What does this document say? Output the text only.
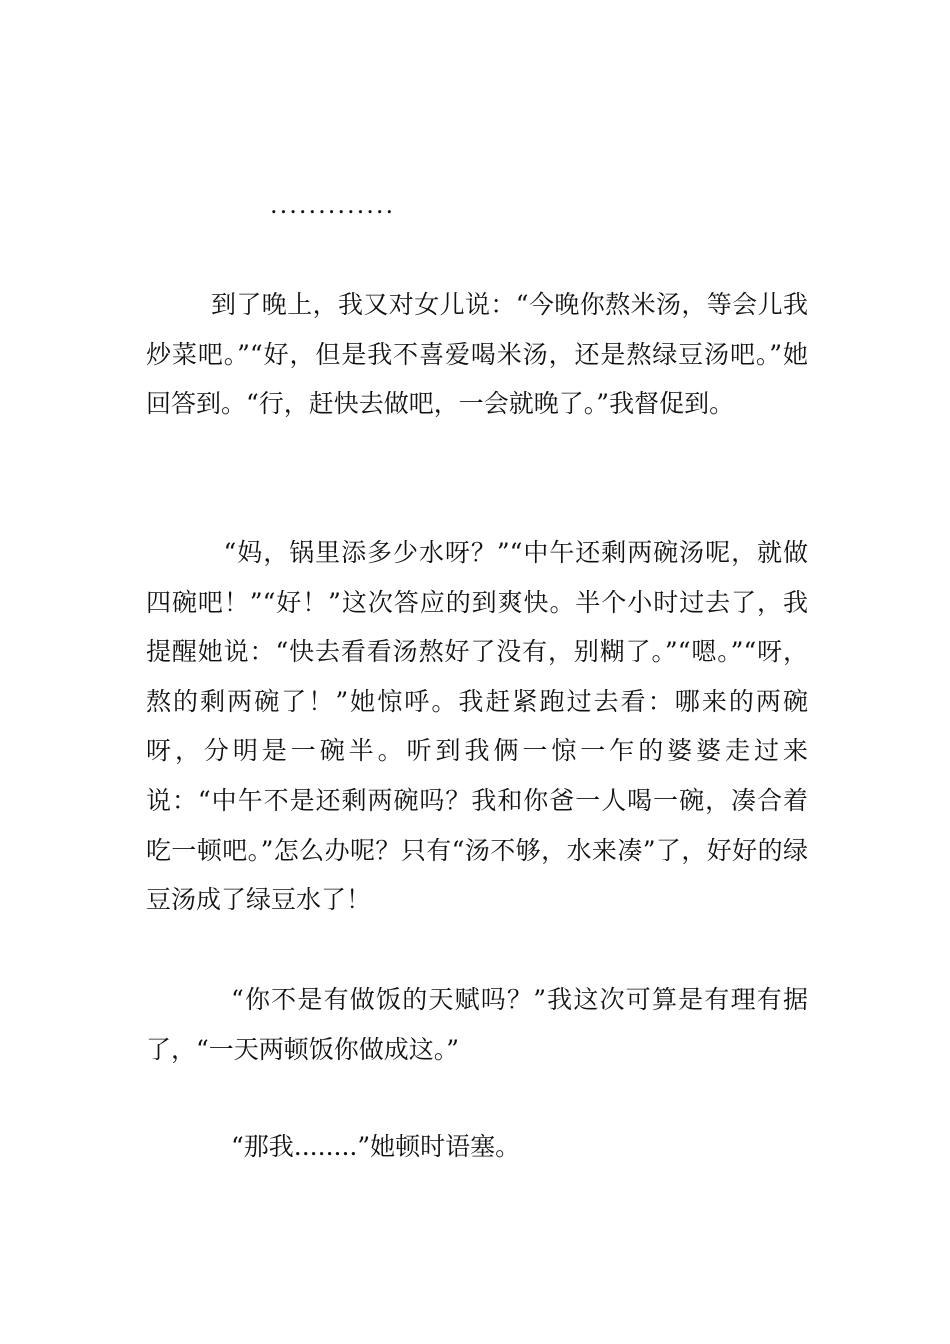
.............

到了晚上，我又对女儿说：“今晚你熬米汤，等会儿我炒菜吧。”“好，但是我不喜爱喝米汤，还是熬绿豆汤吧。”她回答到。“行，赶快去做吧，一会就晚了。”我督促到。

“妈，锅里添多少水呀？”“中午还剩两碗汤呢，就做四碗吧！”“好！”这次答应的到爽快。半个小时过去了，我提醒她说：“快去看看汤熬好了没有，别糊了。”“嗯。”“呀，熬的剩两碗了！”她惊呼。我赶紧跑过去看：哪来的两碗呀，分明是一碗半。听到我俩一惊一乍的婆婆走过来说：“中午不是还剩两碗吗？我和你爸一人喝一碗，凑合着吃一顿吧。”怎么办呢？只有“汤不够，水来凑”了，好好的绿豆汤成了绿豆水了！

“你不是有做饭的天赋吗？”我这次可算是有理有据了，“一天两顿饭你做成这。”

“那我........”她顿时语塞。
